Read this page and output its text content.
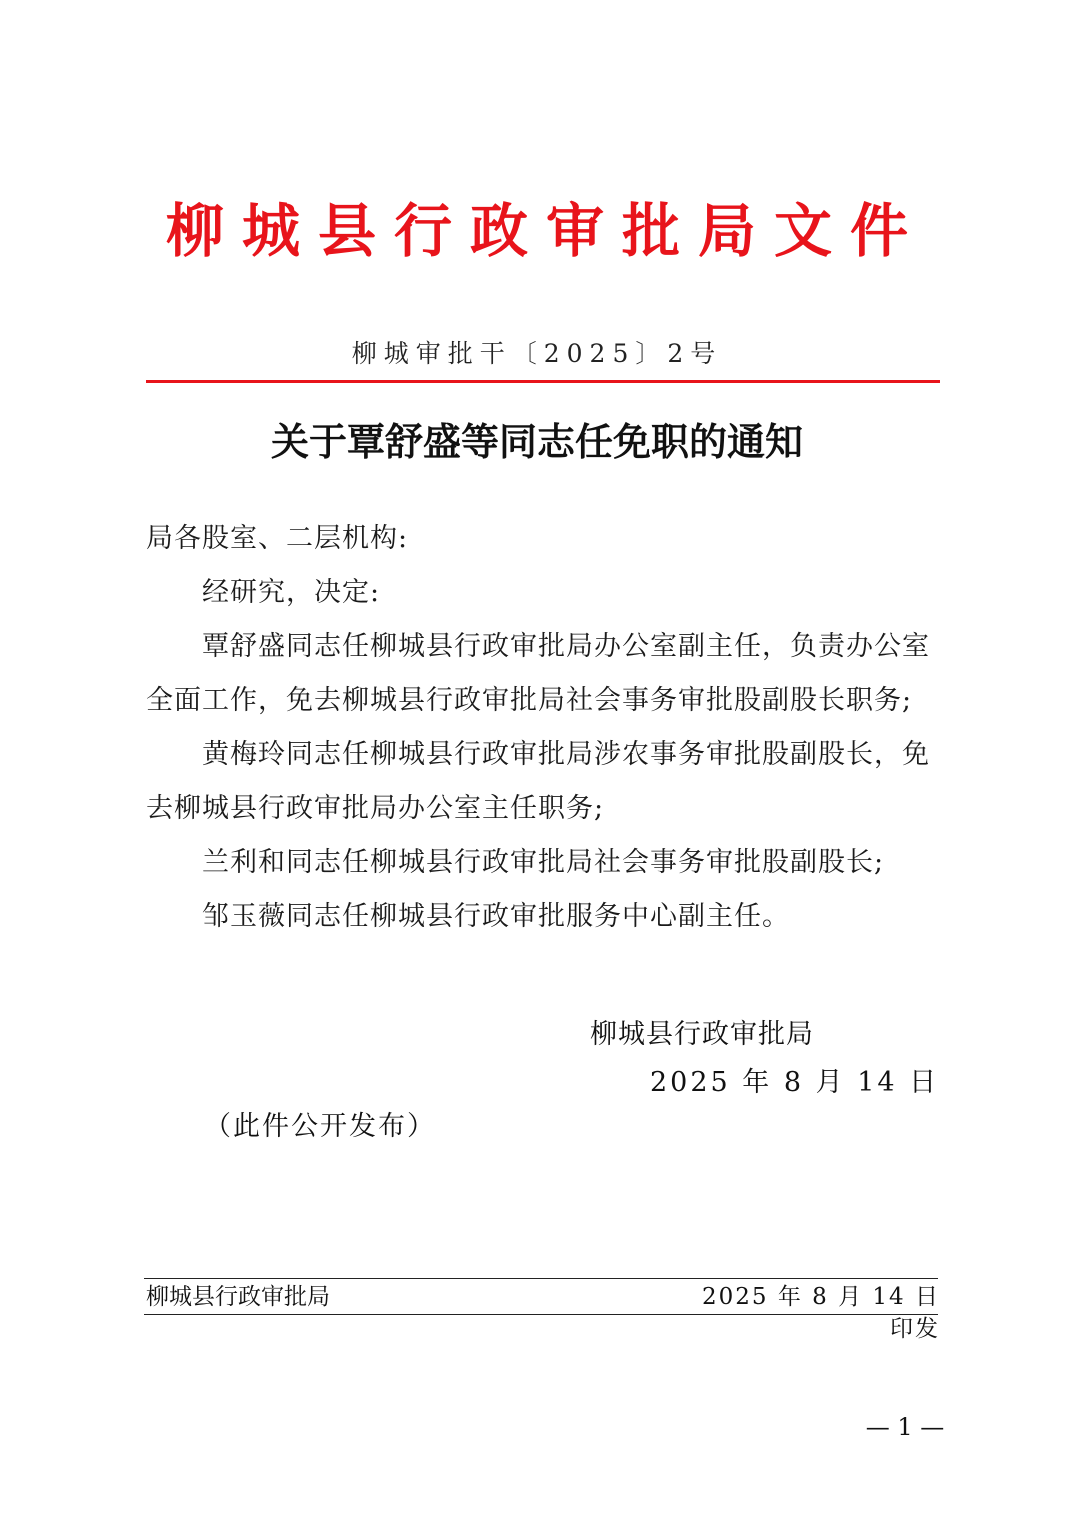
柳城县行政审批局文件
柳城审批干〔2025〕2号
关于覃舒盛等同志任免职的通知

局各股室、二层机构:

经研究，决定:

覃舒盛同志任柳城县行政审批局办公室副主任，负责办公室

全面工作，免去柳城县行政审批局社会事务审批股副股长职务;

黄梅玲同志任柳城县行政审批局涉农事务审批股副股长，免

去柳城县行政审批局办公室主任职务;

兰利和同志任柳城县行政审批局社会事务审批股副股长;

邹玉薇同志任柳城县行政审批服务中心副主任。

柳城县行政审批局
2025 年 8 月 14 日
（此件公开发布）
柳城县行政审批局	2025 年 8 月 14 日印发
— 1 —
